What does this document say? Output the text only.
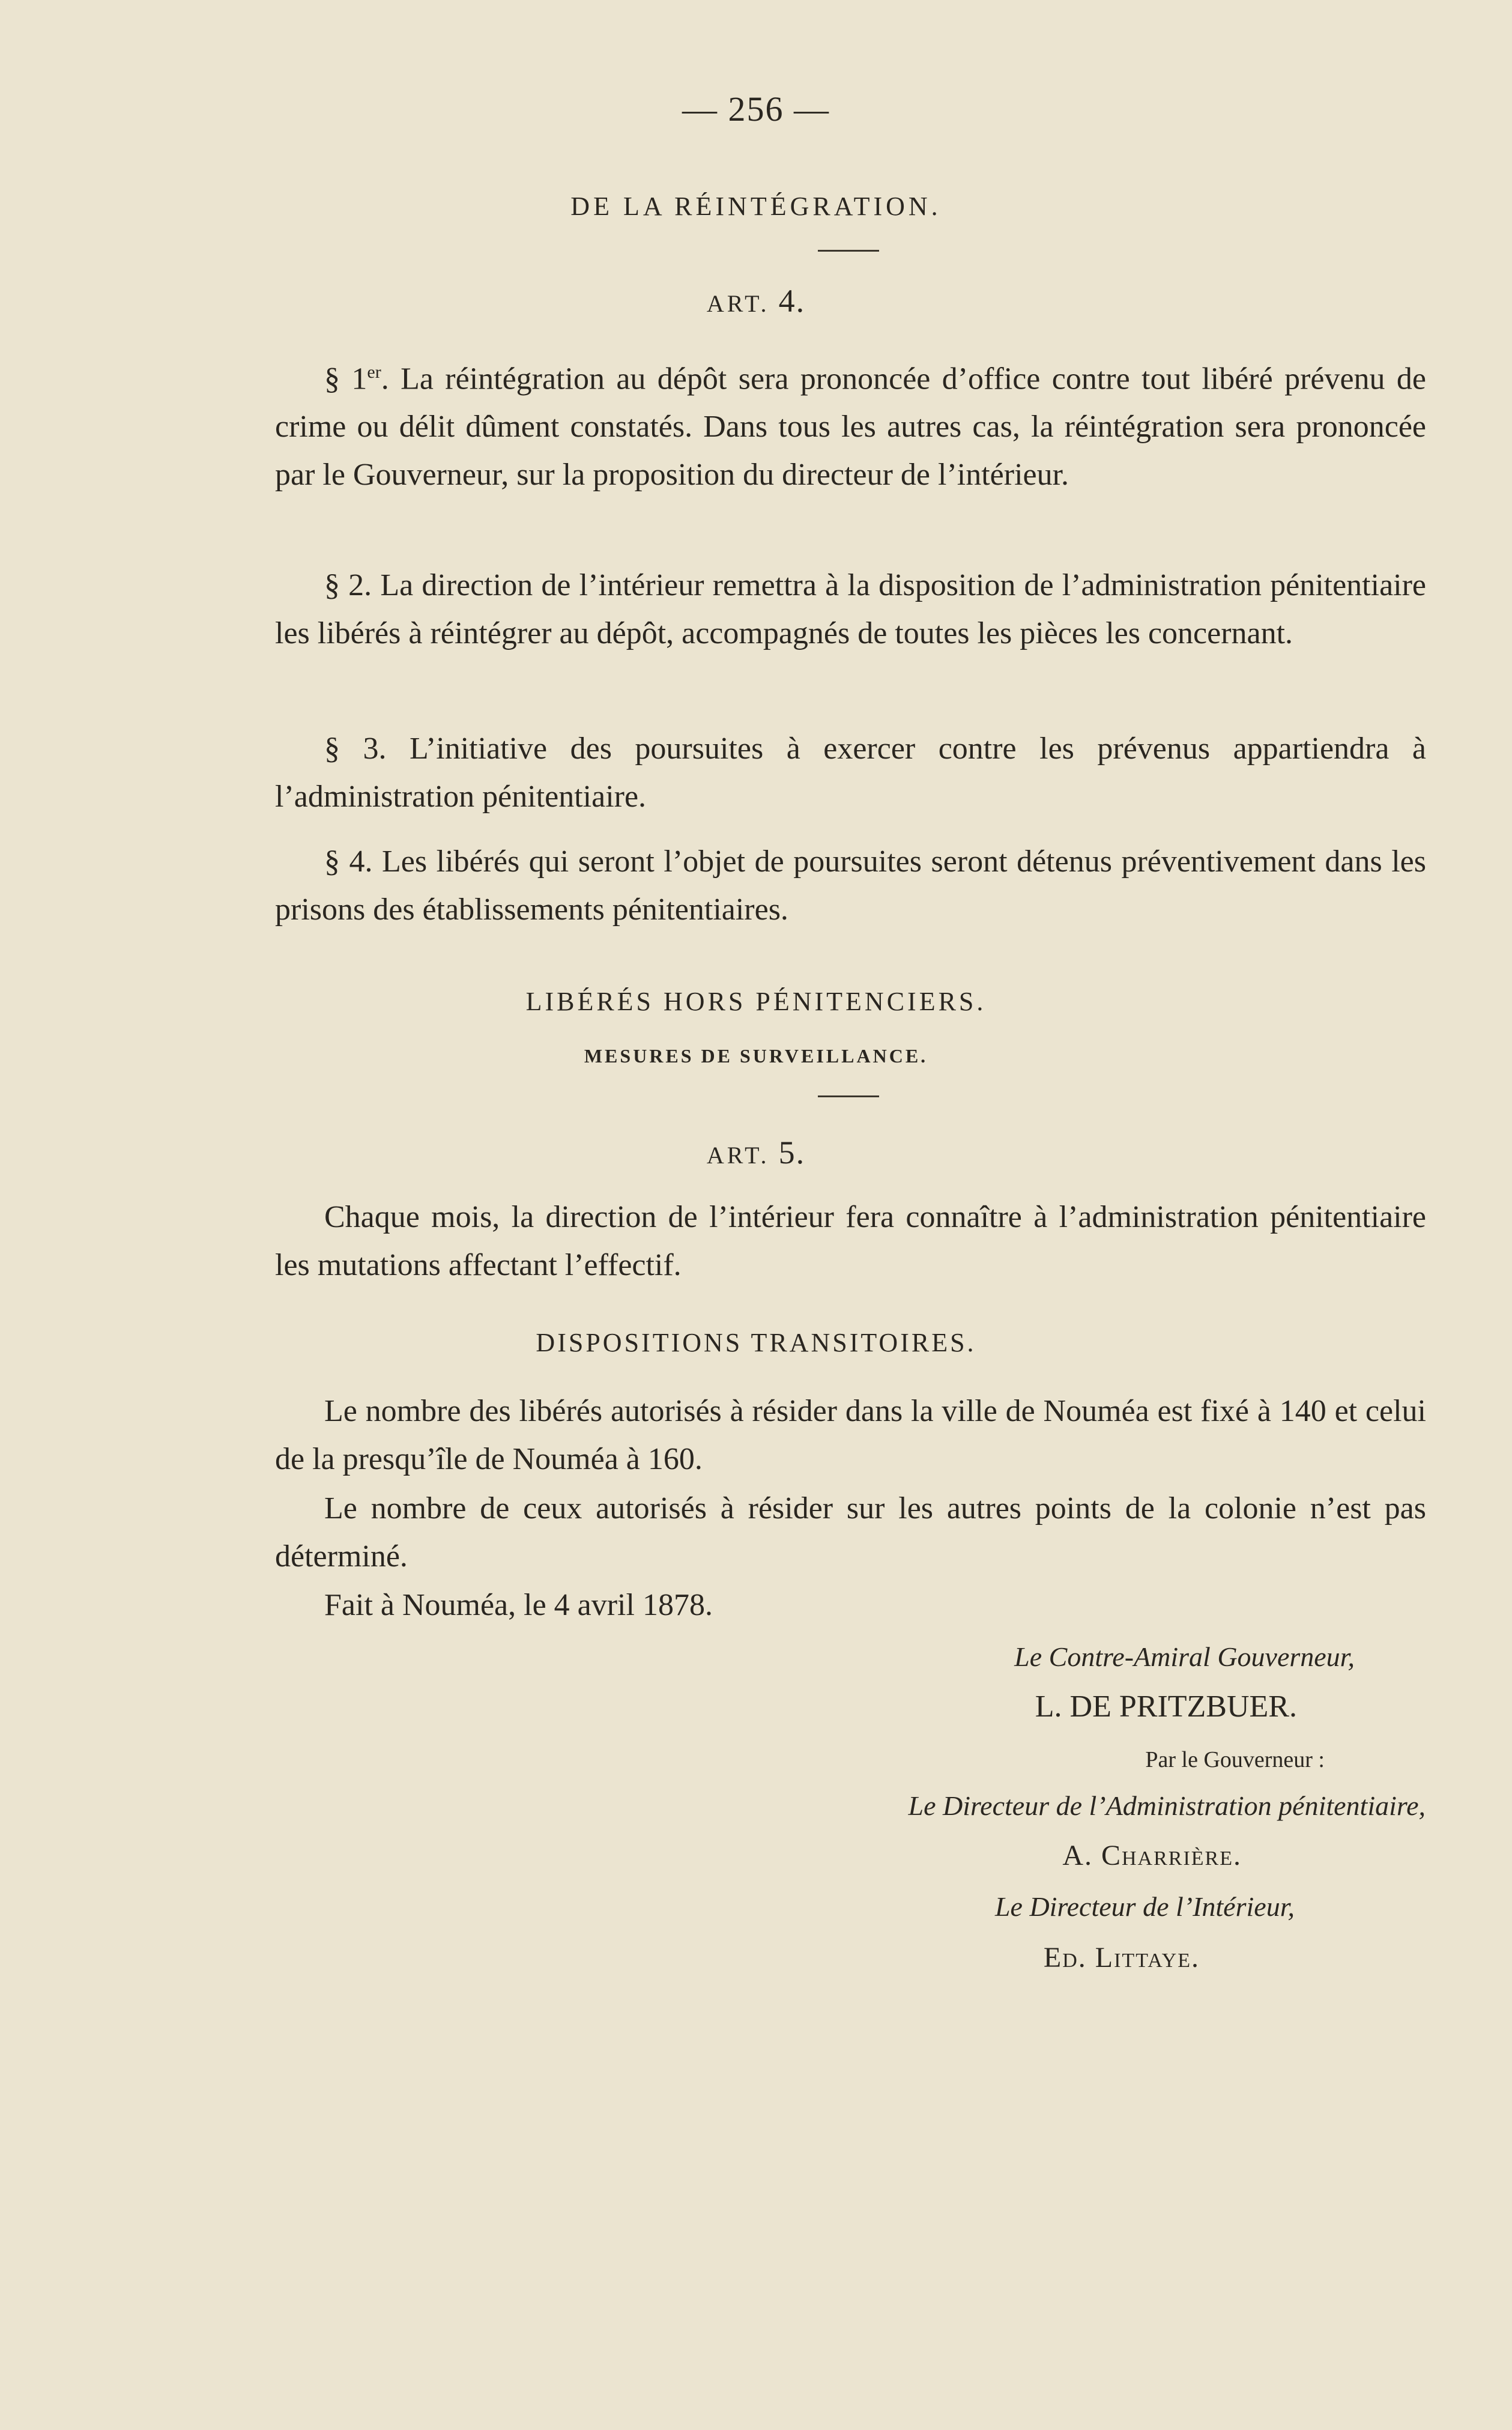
— 256 —

DE LA RÉINTÉGRATION.

ART. 4.

§ 1er. La réintégration au dépôt sera prononcée d’office contre tout libéré prévenu de crime ou délit dûment constatés. Dans tous les autres cas, la réintégration sera prononcée par le Gouverneur, sur la proposition du directeur de l’intérieur.

§ 2. La direction de l’intérieur remettra à la disposition de l’administration pénitentiaire les libérés à réintégrer au dépôt, accompagnés de toutes les pièces les concernant.

§ 3. L’initiative des poursuites à exercer contre les prévenus appartiendra à l’administration pénitentiaire.

§ 4. Les libérés qui seront l’objet de poursuites seront détenus préventivement dans les prisons des établissements pénitentiaires.

LIBÉRÉS HORS PÉNITENCIERS.

MESURES DE SURVEILLANCE.

ART. 5.

Chaque mois, la direction de l’intérieur fera connaître à l’administration pénitentiaire les mutations affectant l’effectif.

DISPOSITIONS TRANSITOIRES.

Le nombre des libérés autorisés à résider dans la ville de Nouméa est fixé à 140 et celui de la presqu’île de Nouméa à 160.

Le nombre de ceux autorisés à résider sur les autres points de la colonie n’est pas déterminé.

Fait à Nouméa, le 4 avril 1878.

Le Contre-Amiral Gouverneur,

L. DE PRITZBUER.

Par le Gouverneur :

Le Directeur de l’Administration pénitentiaire,

A. Charrière.

Le Directeur de l’Intérieur,

Ed. Littaye.
